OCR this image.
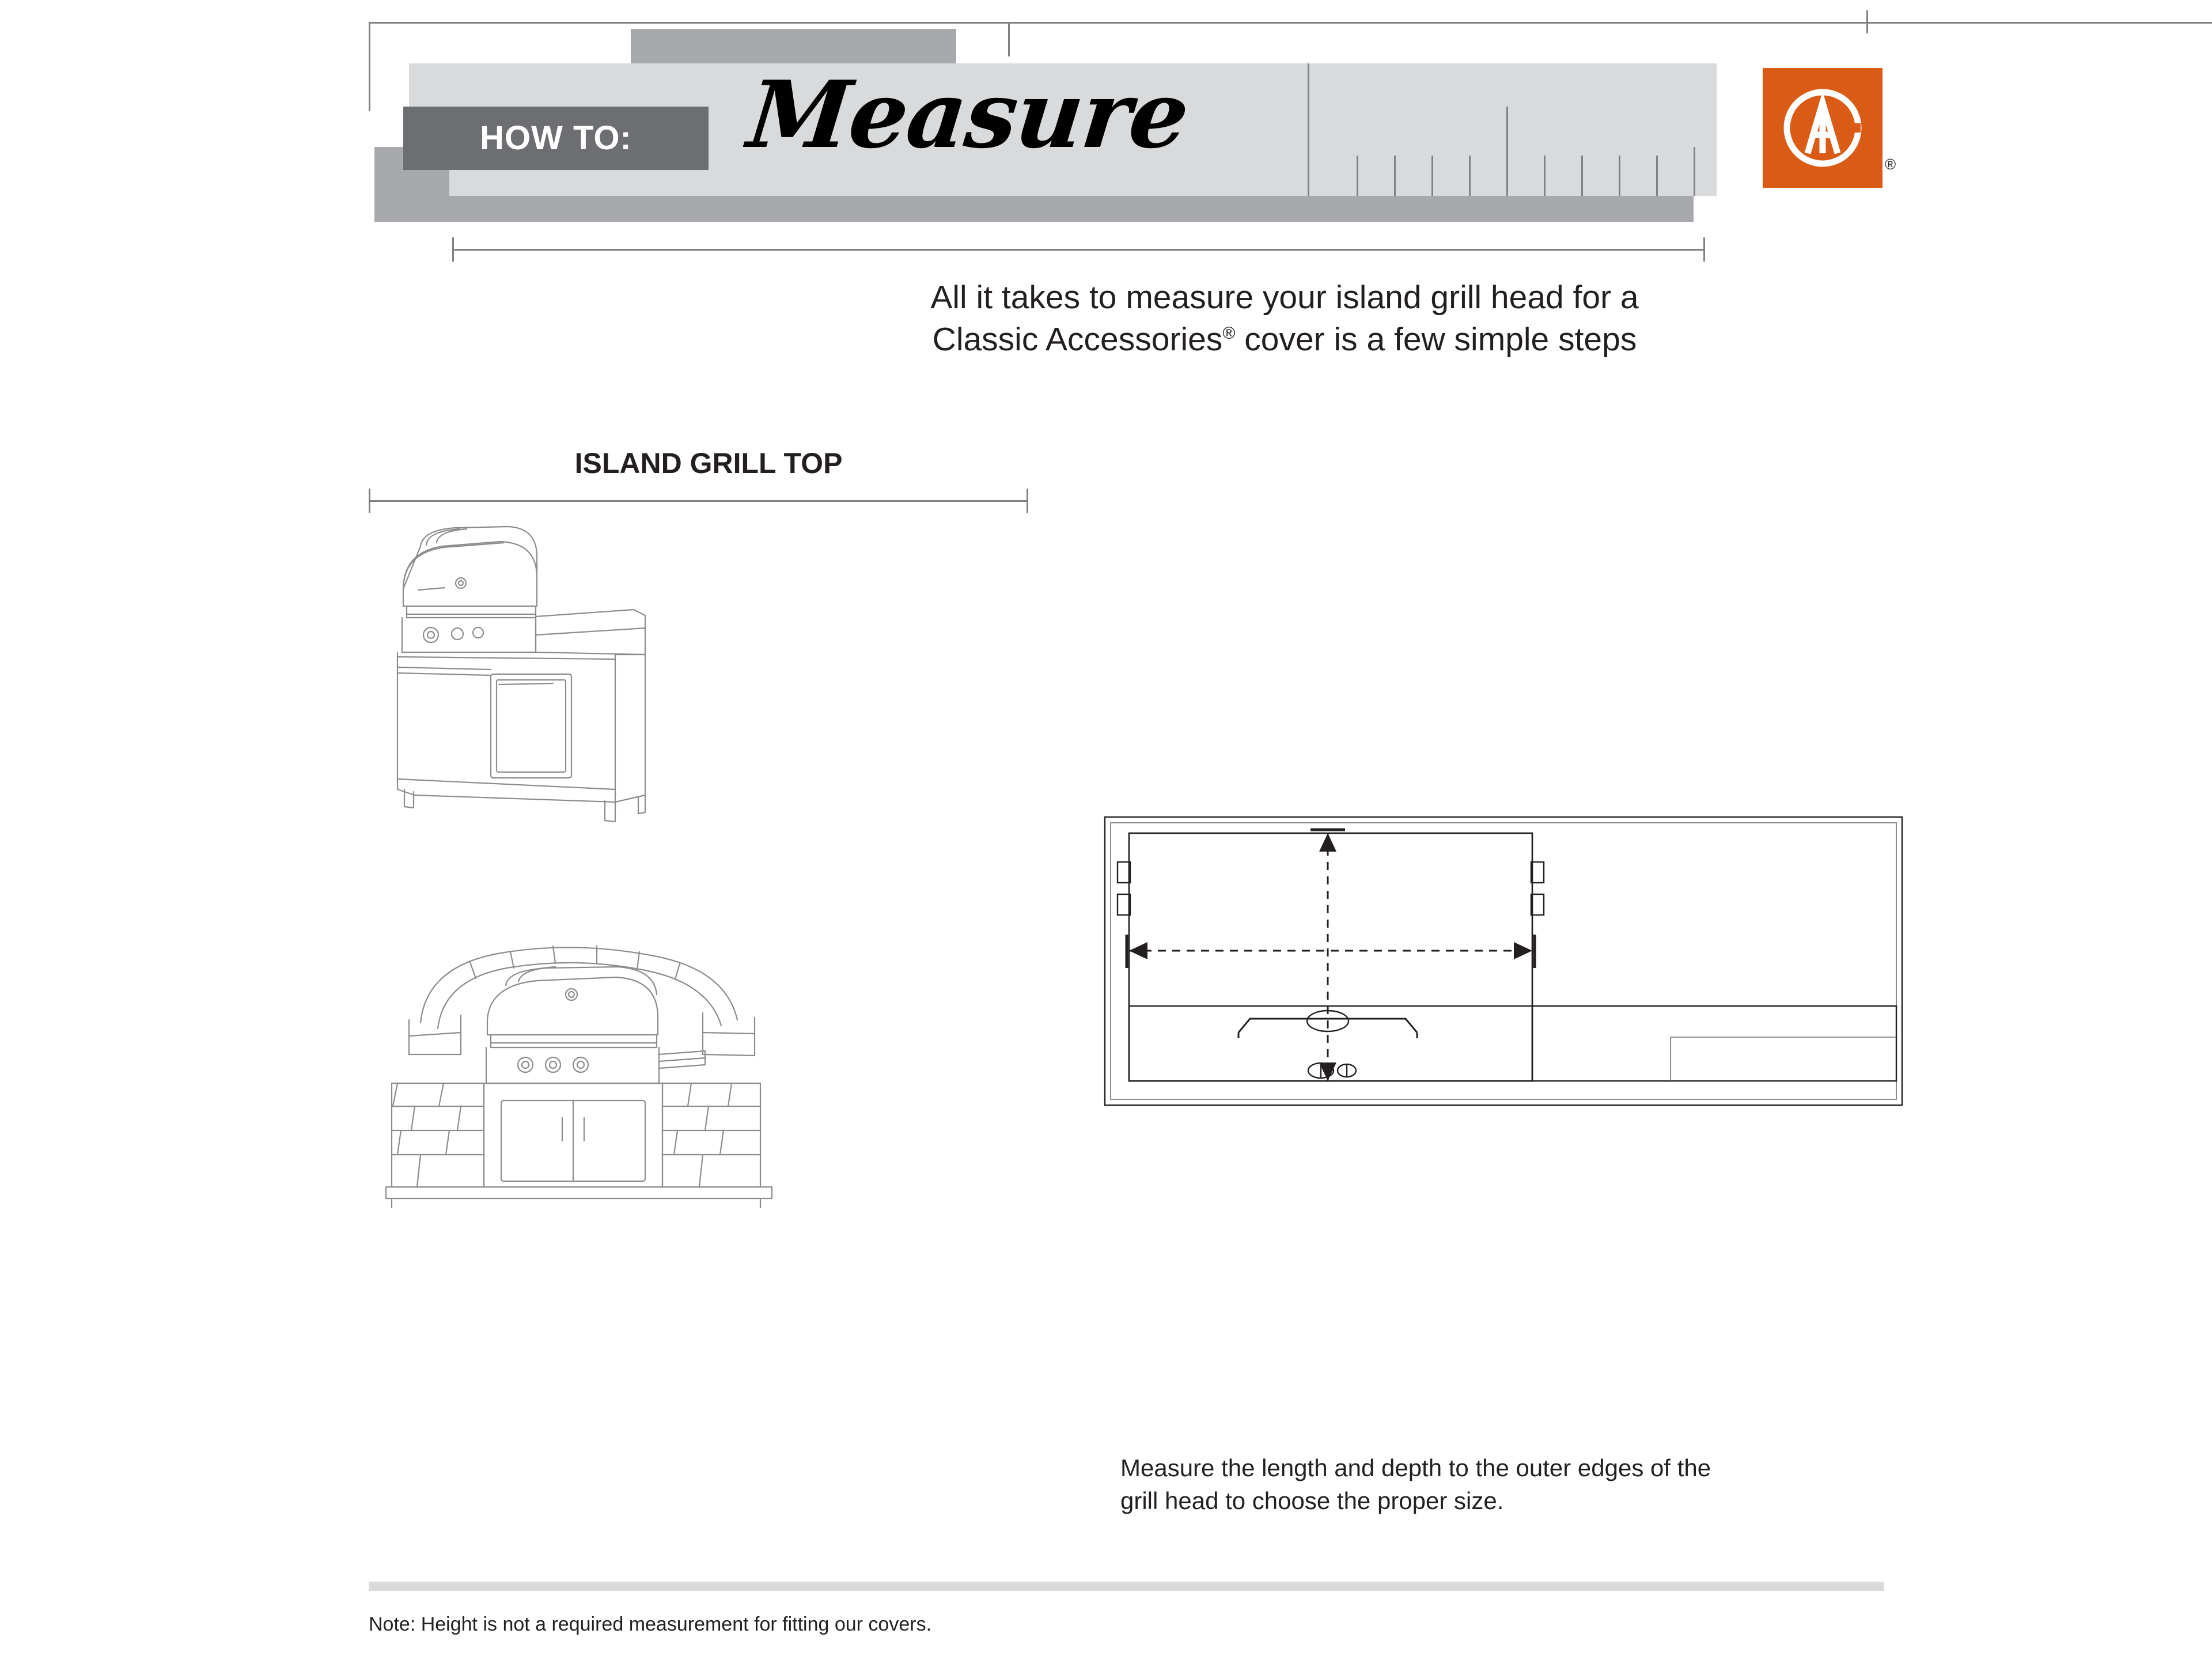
HOW TO:	Measure	®
All it takes to measure your island grill head for a
Classic Accessories® cover is a few simple steps
ISLAND GRILL TOP
Measure the length and depth to the outer edges of the
grill head to choose the proper size.
Note: Height is not a required measurement for fitting our covers.
